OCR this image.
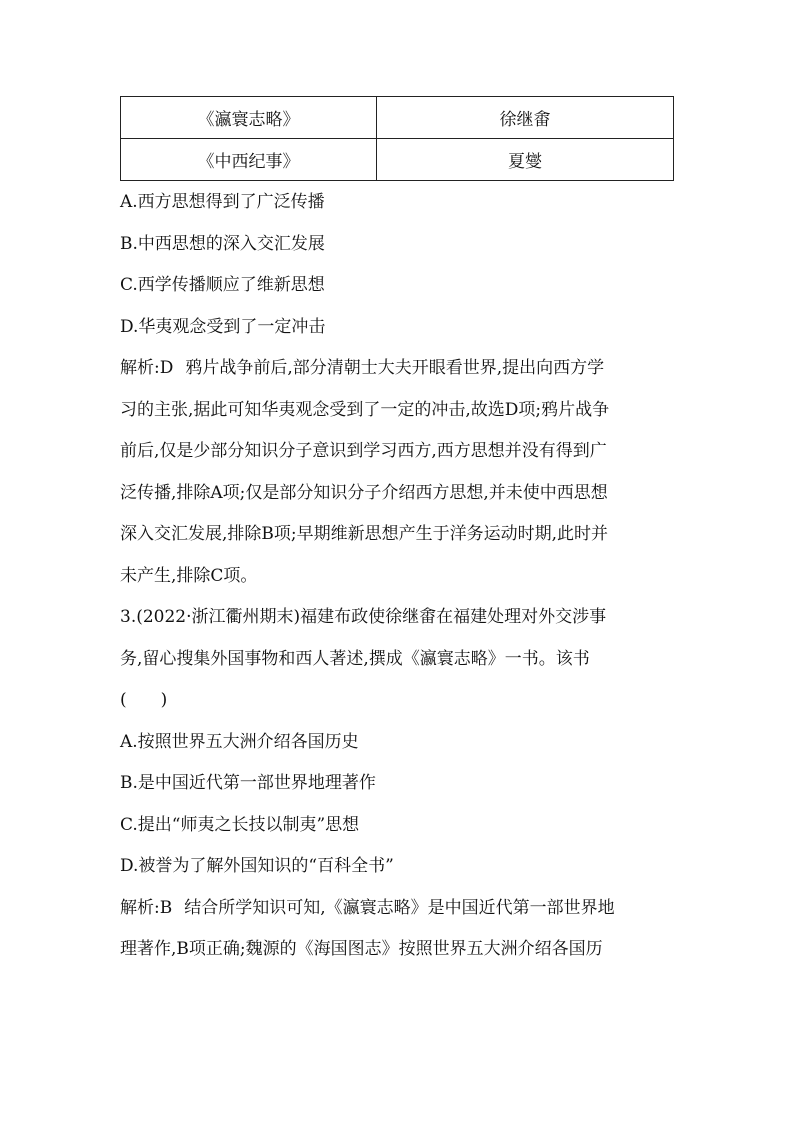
《瀛寰志略》	徐继畬
《中西纪事》	夏燮
A.西方思想得到了广泛传播
B.中西思想的深入交汇发展
C.西学传播顺应了维新思想
D.华夷观念受到了一定冲击
解析:D 鸦片战争前后,部分清朝士大夫开眼看世界,提出向西方学
习的主张,据此可知华夷观念受到了一定的冲击,故选D项;鸦片战争
前后,仅是少部分知识分子意识到学习西方,西方思想并没有得到广
泛传播,排除A项;仅是部分知识分子介绍西方思想,并未使中西思想
深入交汇发展,排除B项;早期维新思想产生于洋务运动时期,此时并
未产生,排除C项。
3.(2022·浙江衢州期末)福建布政使徐继畬在福建处理对外交涉事
务,留心搜集外国事物和西人著述,撰成《瀛寰志略》一书。该书
(　　)
A.按照世界五大洲介绍各国历史
B.是中国近代第一部世界地理著作
C.提出“师夷之长技以制夷”思想
D.被誉为了解外国知识的“百科全书”
解析:B 结合所学知识可知,《瀛寰志略》是中国近代第一部世界地
理著作,B项正确;魏源的《海国图志》按照世界五大洲介绍各国历
